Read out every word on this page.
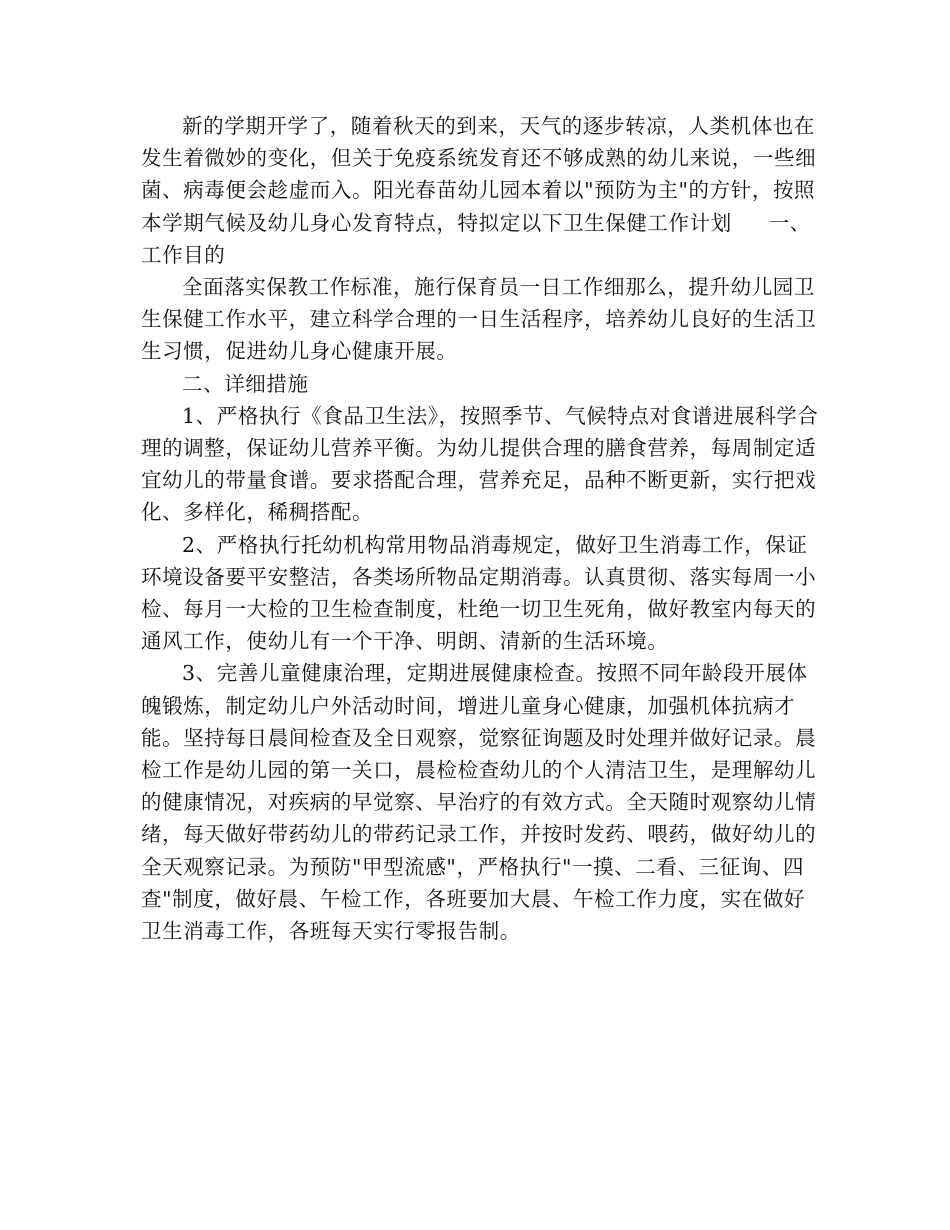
新的学期开学了，随着秋天的到来，天气的逐步转凉，人类机体也在发生着微妙的变化，但关于免疫系统发育还不够成熟的幼儿来说，一些细菌、病毒便会趁虚而入。阳光春苗幼儿园本着以"预防为主"的方针，按照本学期气候及幼儿身心发育特点，特拟定以下卫生保健工作计划 一、工作目的

全面落实保教工作标准，施行保育员一日工作细那么，提升幼儿园卫生保健工作水平，建立科学合理的一日生活程序，培养幼儿良好的生活卫生习惯，促进幼儿身心健康开展。

二、详细措施

1、严格执行《食品卫生法》，按照季节、气候特点对食谱进展科学合理的调整，保证幼儿营养平衡。为幼儿提供合理的膳食营养，每周制定适宜幼儿的带量食谱。要求搭配合理，营养充足，品种不断更新，实行把戏化、多样化，稀稠搭配。

2、严格执行托幼机构常用物品消毒规定，做好卫生消毒工作，保证环境设备要平安整洁，各类场所物品定期消毒。认真贯彻、落实每周一小检、每月一大检的卫生检查制度，杜绝一切卫生死角，做好教室内每天的通风工作，使幼儿有一个干净、明朗、清新的生活环境。

3、完善儿童健康治理，定期进展健康检查。按照不同年龄段开展体魄锻炼，制定幼儿户外活动时间，增进儿童身心健康，加强机体抗病才能。坚持每日晨间检查及全日观察，觉察征询题及时处理并做好记录。晨检工作是幼儿园的第一关口，晨检检查幼儿的个人清洁卫生，是理解幼儿的健康情况，对疾病的早觉察、早治疗的有效方式。全天随时观察幼儿情绪，每天做好带药幼儿的带药记录工作，并按时发药、喂药，做好幼儿的全天观察记录。为预防"甲型流感"，严格执行"一摸、二看、三征询、四查"制度，做好晨、午检工作，各班要加大晨、午检工作力度，实在做好卫生消毒工作，各班每天实行零报告制。
